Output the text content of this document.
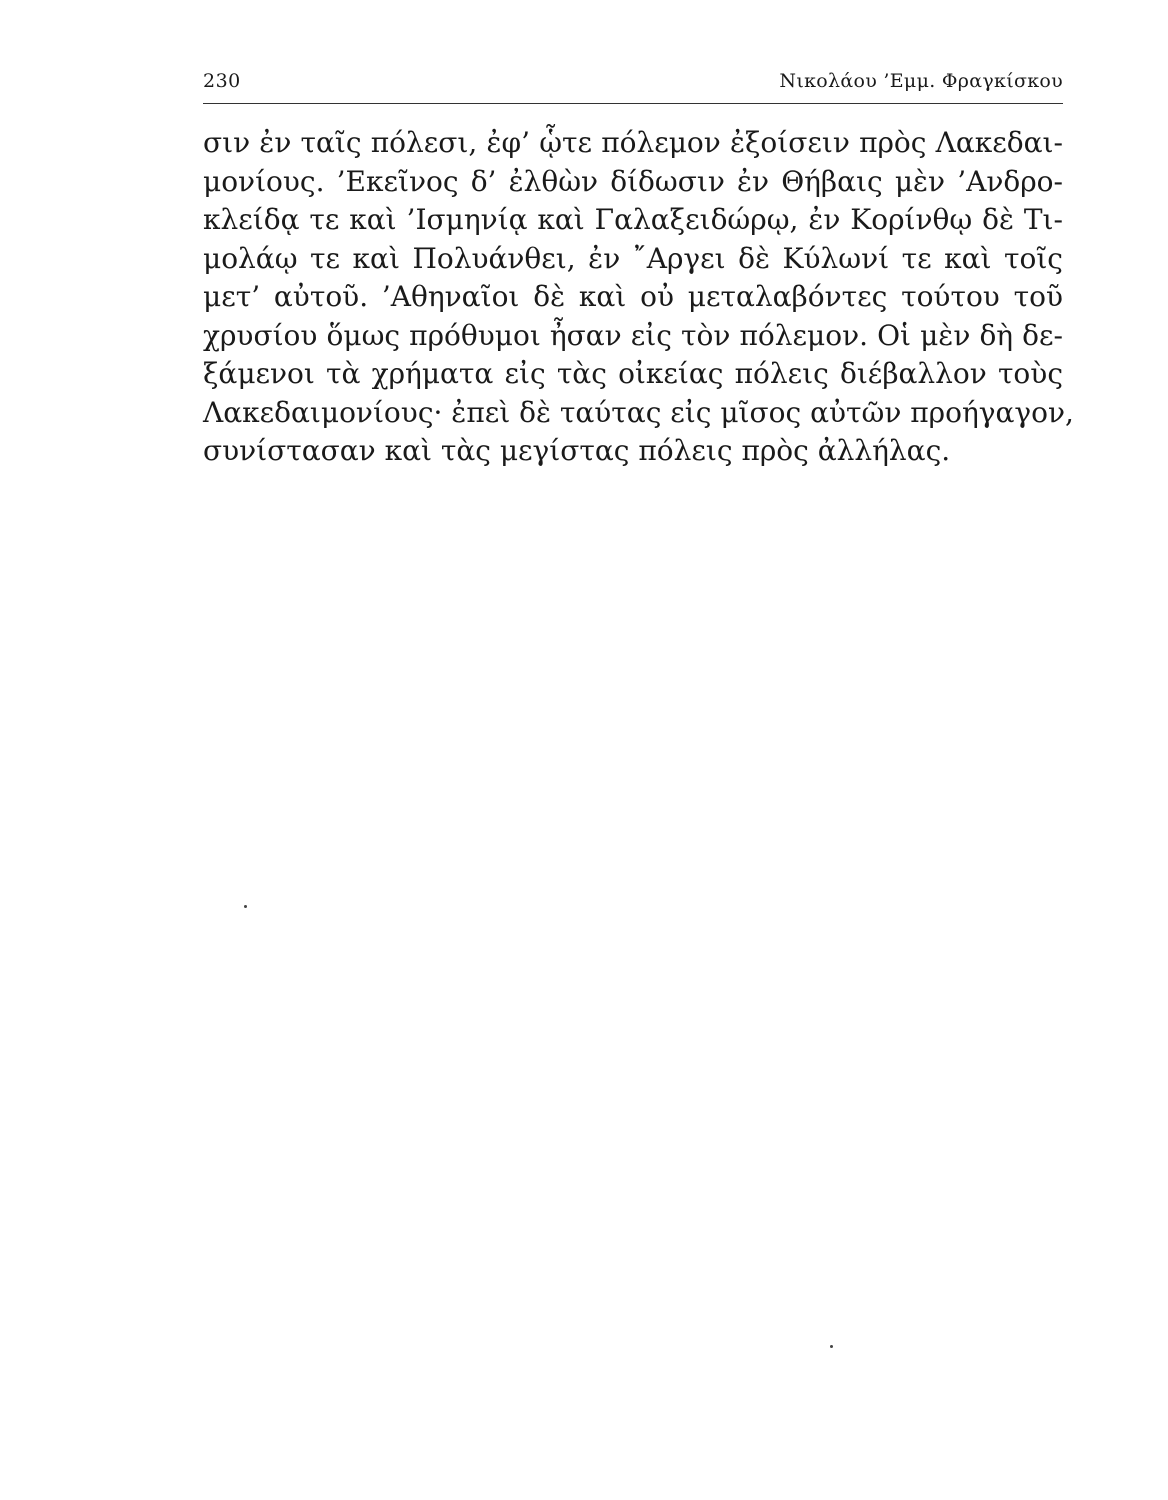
230	Νικολάου ’Εμμ. Φραγκίσκου
σιν ἐν ταῖς πόλεσι, ἐφ’ ᾧτε πόλεμον ἐξοίσειν πρὸς Λακεδαι-
μονίους. ’Εκεῖνος δ’ ἐλθὼν δίδωσιν ἐν Θήβαις μὲν ’Ανδρο-
κλείδᾳ τε καὶ ’Ισμηνίᾳ καὶ Γαλαξειδώρῳ, ἐν Κορίνθῳ δὲ Τι-
μολάῳ τε καὶ Πολυάνθει, ἐν ῎Αργει δὲ Κύλωνί τε καὶ τοῖς
μετ’ αὐτοῦ. ’Αθηναῖοι δὲ καὶ οὐ μεταλαβόντες τούτου τοῦ
χρυσίου ὅμως πρόθυμοι ἦσαν εἰς τὸν πόλεμον. Οἱ μὲν δὴ δε-
ξάμενοι τὰ χρήματα εἰς τὰς οἰκείας πόλεις διέβαλλον τοὺς
Λακεδαιμονίους· ἐπεὶ δὲ ταύτας εἰς μῖσος αὐτῶν προήγαγον,
συνίστασαν καὶ τὰς μεγίστας πόλεις πρὸς ἀλλήλας.
